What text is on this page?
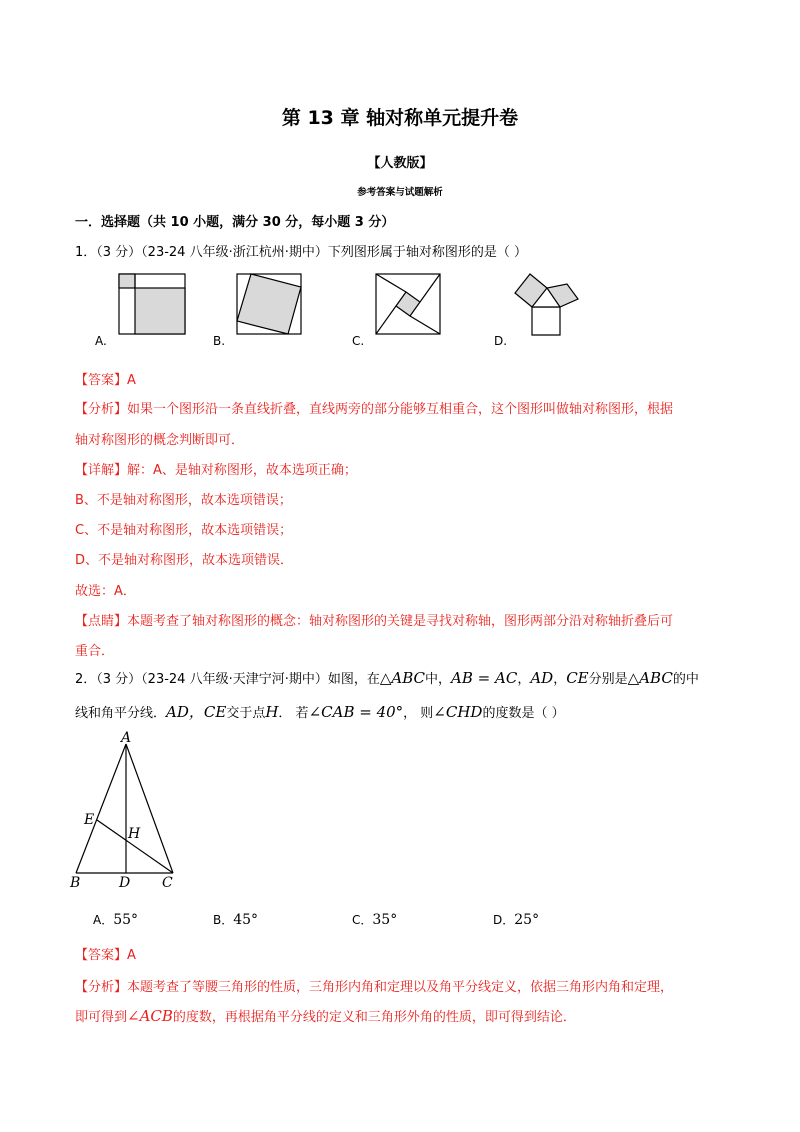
第 13 章 轴对称单元提升卷
【人教版】
参考答案与试题解析
一．选择题（共 10 小题，满分 30 分，每小题 3 分）
1．（3 分）（23-24 八年级·浙江杭州·期中）下列图形属于轴对称图形的是（ ）
A.	B.	C.	D.
【答案】A
【分析】如果一个图形沿一条直线折叠，直线两旁的部分能够互相重合，这个图形叫做轴对称图形，根据
轴对称图形的概念判断即可．
【详解】解：A、是轴对称图形，故本选项正确；
B、不是轴对称图形，故本选项错误；
C、不是轴对称图形，故本选项错误；
D、不是轴对称图形，故本选项错误．
故选：A．
【点睛】本题考查了轴对称图形的概念：轴对称图形的关键是寻找对称轴，图形两部分沿对称轴折叠后可
重合．
2．（3 分）（23-24 八年级·天津宁河·期中）如图，在△ABC中，AB = AC，AD，CE分别是△ABC的中
线和角平分线．AD，CE交于点H． 若∠CAB = 40°， 则∠CHD的度数是（ ）
A
E
H
B	D C
A．55°	B．45°	C．35°	D．25°
【答案】A
【分析】本题考查了等腰三角形的性质，三角形内角和定理以及角平分线定义，依据三角形内角和定理，
即可得到∠ACB的度数，再根据角平分线的定义和三角形外角的性质，即可得到结论．
